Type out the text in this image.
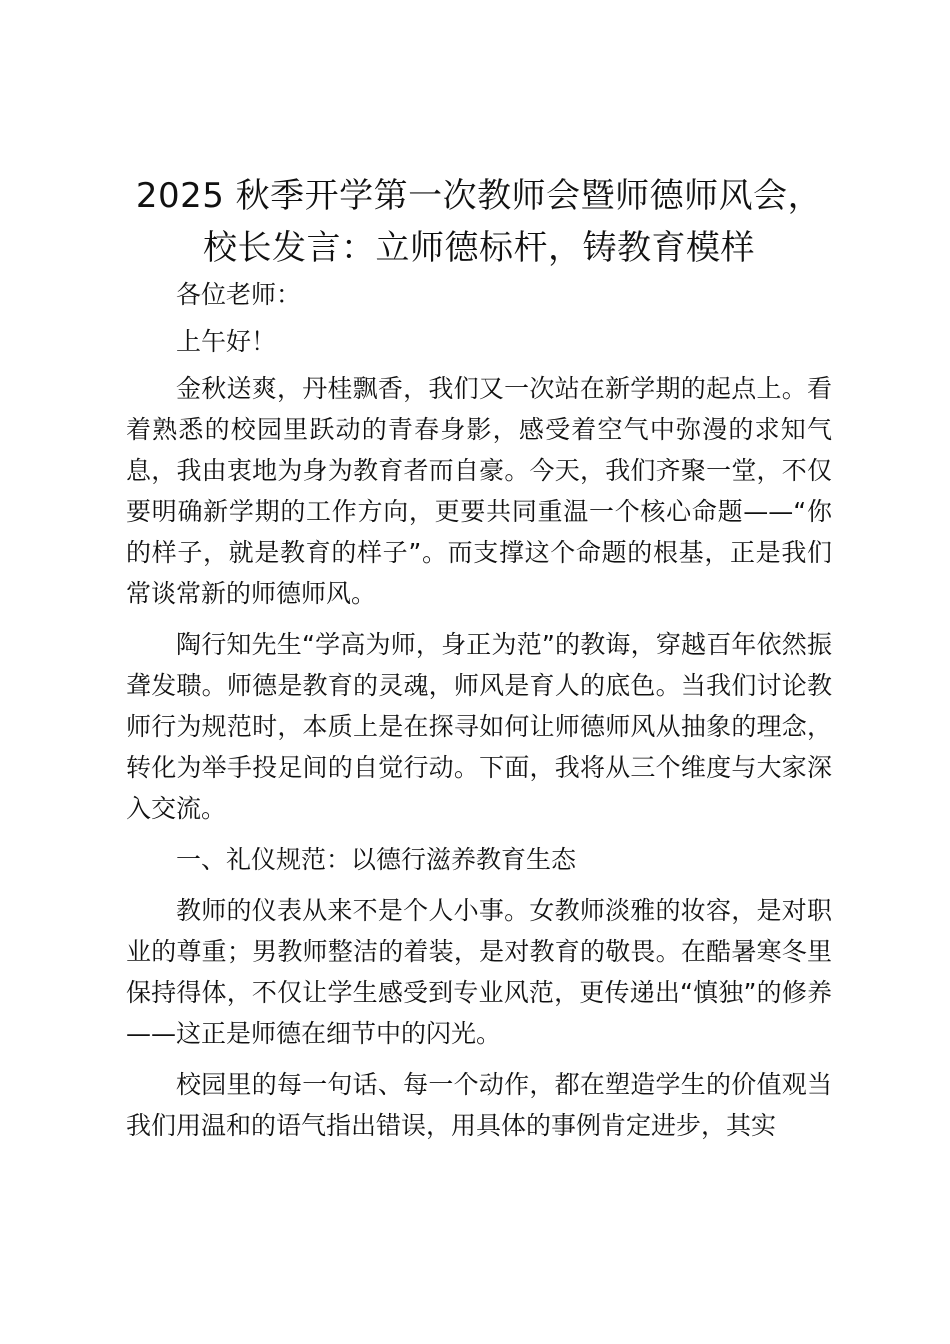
2025 秋季开学第一次教师会暨师德师风会，
校长发言：立师德标杆，铸教育模样

各位老师：

上午好！

金秋送爽，丹桂飘香，我们又一次站在新学期的起点上。看着熟悉的校园里跃动的青春身影，感受着空气中弥漫的求知气息，我由衷地为身为教育者而自豪。今天，我们齐聚一堂，不仅要明确新学期的工作方向，更要共同重温一个核心命题——“你的样子，就是教育的样子”。而支撑这个命题的根基，正是我们常谈常新的师德师风。

陶行知先生“学高为师，身正为范”的教诲，穿越百年依然振聋发聩。师德是教育的灵魂，师风是育人的底色。当我们讨论教师行为规范时，本质上是在探寻如何让师德师风从抽象的理念，转化为举手投足间的自觉行动。下面，我将从三个维度与大家深入交流。

一、礼仪规范：以德行滋养教育生态

教师的仪表从来不是个人小事。女教师淡雅的妆容，是对职业的尊重；男教师整洁的着装，是对教育的敬畏。在酷暑寒冬里保持得体，不仅让学生感受到专业风范，更传递出“慎独”的修养——这正是师德在细节中的闪光。

校园里的每一句话、每一个动作，都在塑造学生的价值观当我们用温和的语气指出错误，用具体的事例肯定进步，其实
